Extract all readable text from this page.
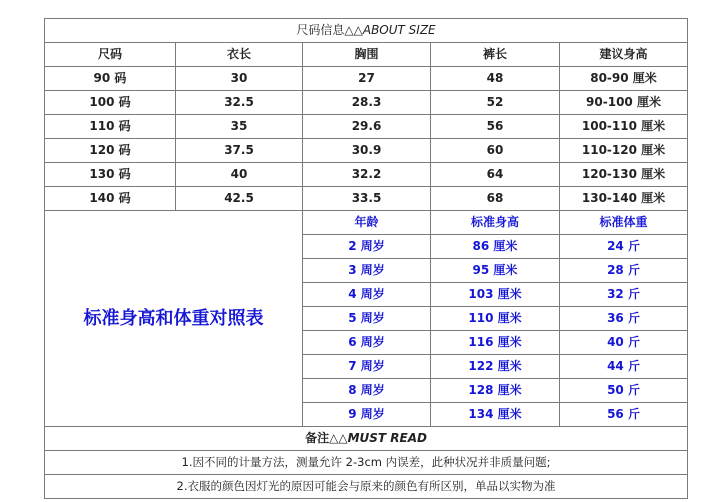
尺码信息△△ABOUT SIZE				
尺码	衣长	胸围	裤长	建议身高
90 码	30	27	48	80-90 厘米
100 码	32.5	28.3	52	90-100 厘米
110 码	35	29.6	56	100-110 厘米
120 码	37.5	30.9	60	110-120 厘米
130 码	40	32.2	64	120-130 厘米
140 码	42.5	33.5	68	130-140 厘米
标准身高和体重对照表		年龄	标准身高	标准体重
		2 周岁	86 厘米	24 斤
		3 周岁	95 厘米	28 斤
		4 周岁	103 厘米	32 斤
		5 周岁	110 厘米	36 斤
		6 周岁	116 厘米	40 斤
		7 周岁	122 厘米	44 斤
		8 周岁	128 厘米	50 斤
		9 周岁	134 厘米	56 斤
备注△△MUST READ				
1.因不同的计量方法，测量允许 2-3cm 内误差，此种状况并非质量问题;				
2.衣服的颜色因灯光的原因可能会与原来的颜色有所区别，单品以实物为准				
